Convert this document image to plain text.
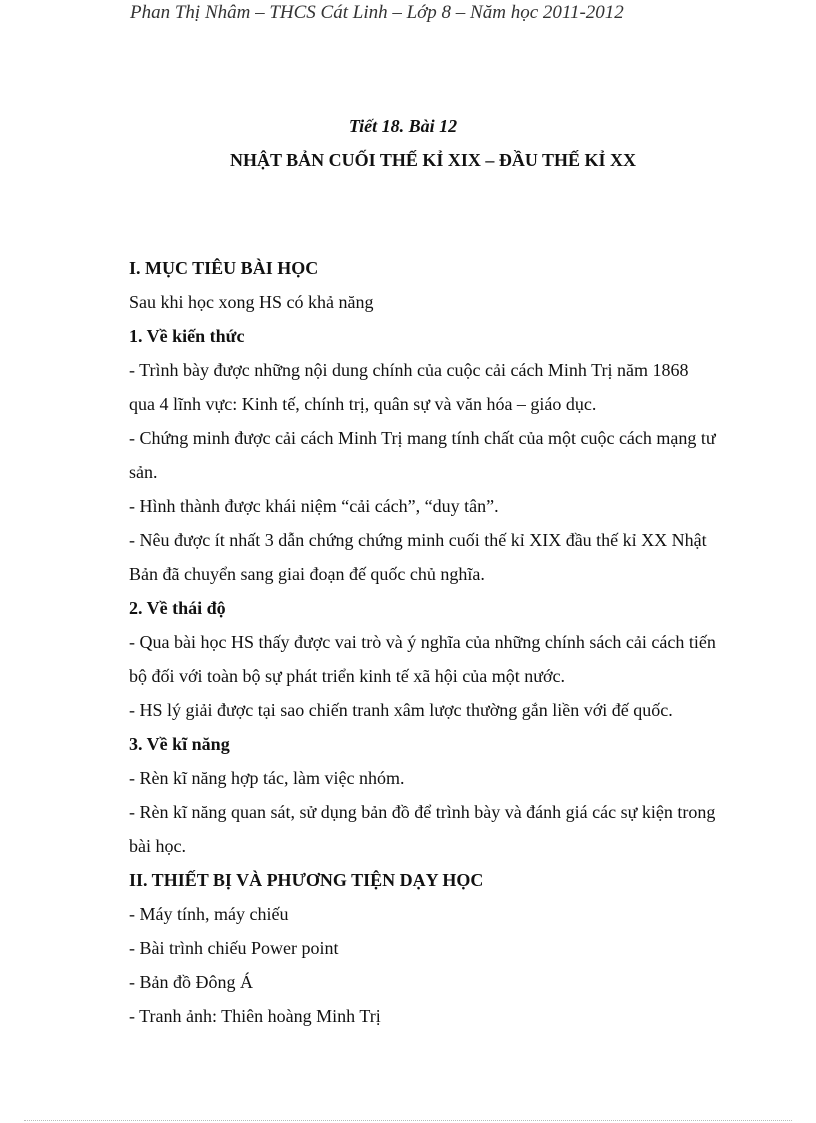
Phan Thị Nhâm – THCS Cát Linh – Lớp 8 – Năm học 2011-2012
Tiết 18. Bài 12
NHẬT BẢN CUỐI THẾ KỈ XIX – ĐẦU THẾ KỈ XX
I. MỤC TIÊU BÀI HỌC
Sau khi học xong HS có khả năng
1. Về kiến thức
- Trình bày được những nội dung chính của cuộc cải cách Minh Trị năm 1868
qua 4 lĩnh vực: Kinh tế, chính trị, quân sự và văn hóa – giáo dục.
- Chứng minh được cải cách Minh Trị mang tính chất của một cuộc cách mạng tư
sản.
- Hình thành được khái niệm “cải cách”, “duy tân”.
- Nêu được ít nhất 3 dẫn chứng chứng minh cuối thế kỉ XIX đầu thế kỉ XX Nhật
Bản đã chuyển sang giai đoạn đế quốc chủ nghĩa.
2. Về thái độ
- Qua bài học HS thấy được vai trò và ý nghĩa của những chính sách cải cách tiến
bộ đối với toàn bộ sự phát triển kinh tế xã hội của một nước.
- HS lý giải được tại sao chiến tranh xâm lược thường gắn liền với đế quốc.
3. Về kĩ năng
- Rèn kĩ năng hợp tác, làm việc nhóm.
- Rèn kĩ năng quan sát, sử dụng bản đồ để trình bày và đánh giá các sự kiện trong
bài học.
II. THIẾT BỊ VÀ PHƯƠNG TIỆN DẠY HỌC
- Máy tính, máy chiếu
- Bài trình chiếu Power point
- Bản đồ Đông Á
- Tranh ảnh: Thiên hoàng Minh Trị
